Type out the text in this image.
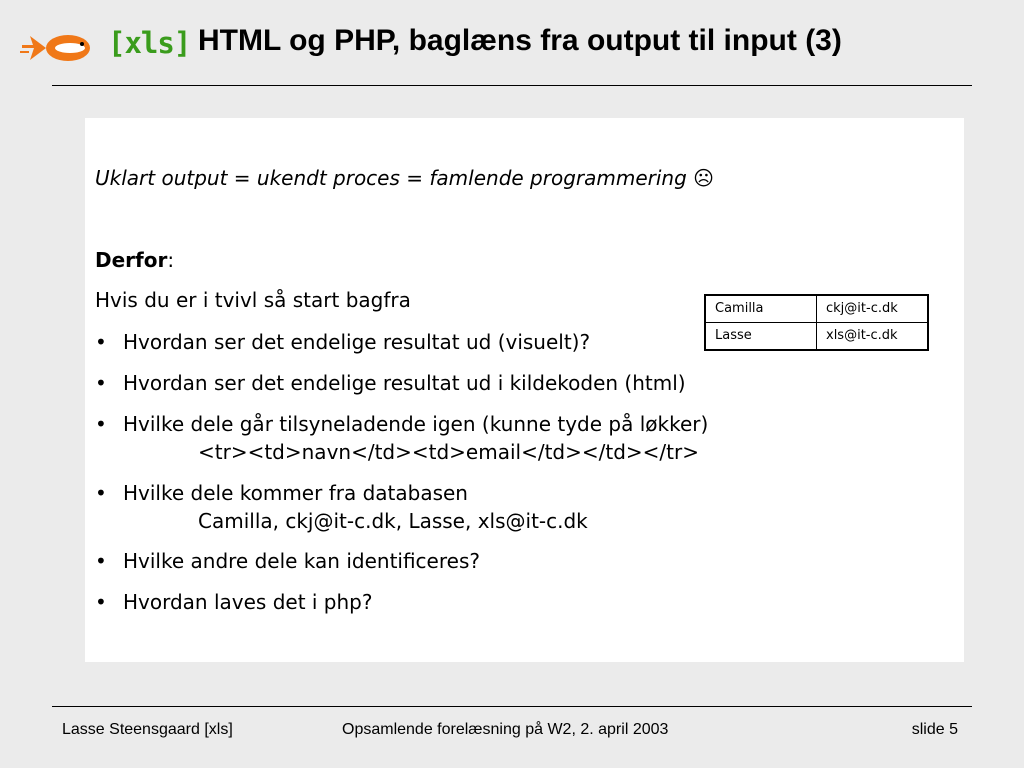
[xls] HTML og PHP, baglæns fra output til input (3)
Uklart output = ukendt proces = famlende programmering ☹
Derfor:
Hvis du er i tvivl så start bagfra
• Hvordan ser det endelige resultat ud (visuelt)?
• Hvordan ser det endelige resultat ud i kildekoden (html)
• Hvilke dele går tilsyneladende igen (kunne tyde på løkker)
<tr><td>navn</td><td>email</td></td></tr>
• Hvilke dele kommer fra databasen
Camilla, ckj@it-c.dk, Lasse, xls@it-c.dk
• Hvilke andre dele kan identificeres?
• Hvordan laves det i php?
Camilla	ckj@it-c.dk
Lasse	xls@it-c.dk
Lasse Steensgaard [xls]	Opsamlende forelæsning på W2, 2. april 2003	slide 5
